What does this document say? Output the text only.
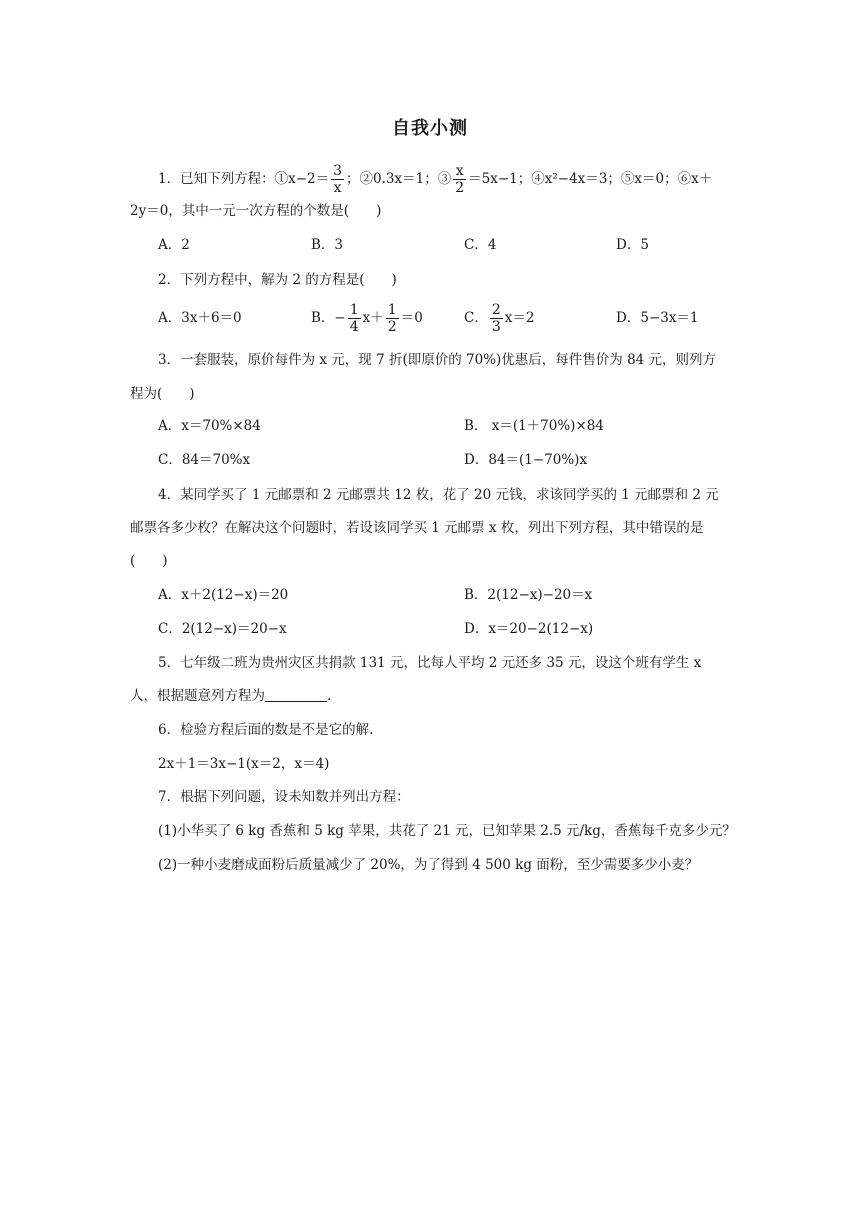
自我小测
1．已知下列方程：①x−2＝ $\frac{3}{x}$ ；②0.3x＝1；③ $\frac{x}{2} =5x-1$；④x²−4x＝3；⑤x＝0；⑥x＋
2y＝0，其中一元一次方程的个数是(　　)
A．2	B．3	C．4	D．5
2．下列方程中，解为 2 的方程是(　　)
A．3x＋6＝0	B．− $\frac{1}{4} x+ \frac{1}{2} =0$	C． $\frac{2}{3} x=2$	D．5−3x＝1
3．一套服装，原价每件为 x 元，现 7 折(即原价的 70%)优惠后，每件售价为 84 元，则列方
程为(　　)
A．x＝70%×84	B． x＝(1＋70%)×84
C．84＝70%x	D．84＝(1−70%)x
4．某同学买了 1 元邮票和 2 元邮票共 12 枚，花了 20 元钱，求该同学买的 1 元邮票和 2 元
邮票各多少枚？在解决这个问题时，若设该同学买 1 元邮票 x 枚，列出下列方程，其中错误的是
(　　)
A．x＋2(12−x)＝20	B．2(12−x)−20＝x
C．2(12−x)＝20−x	D．x＝20−2(12−x)
5．七年级二班为贵州灾区共捐款 131 元，比每人平均 2 元还多 35 元，设这个班有学生 x
人，根据题意列方程为	.
6．检验方程后面的数是不是它的解.
2x＋1＝3x−1(x＝2，x＝4)
7．根据下列问题，设未知数并列出方程：
(1)小华买了 6 kg 香蕉和 5 kg 苹果，共花了 21 元，已知苹果 2.5 元/kg，香蕉每千克多少元？
(2)一种小麦磨成面粉后质量减少了 20%，为了得到 4 500 kg 面粉，至少需要多少小麦？
